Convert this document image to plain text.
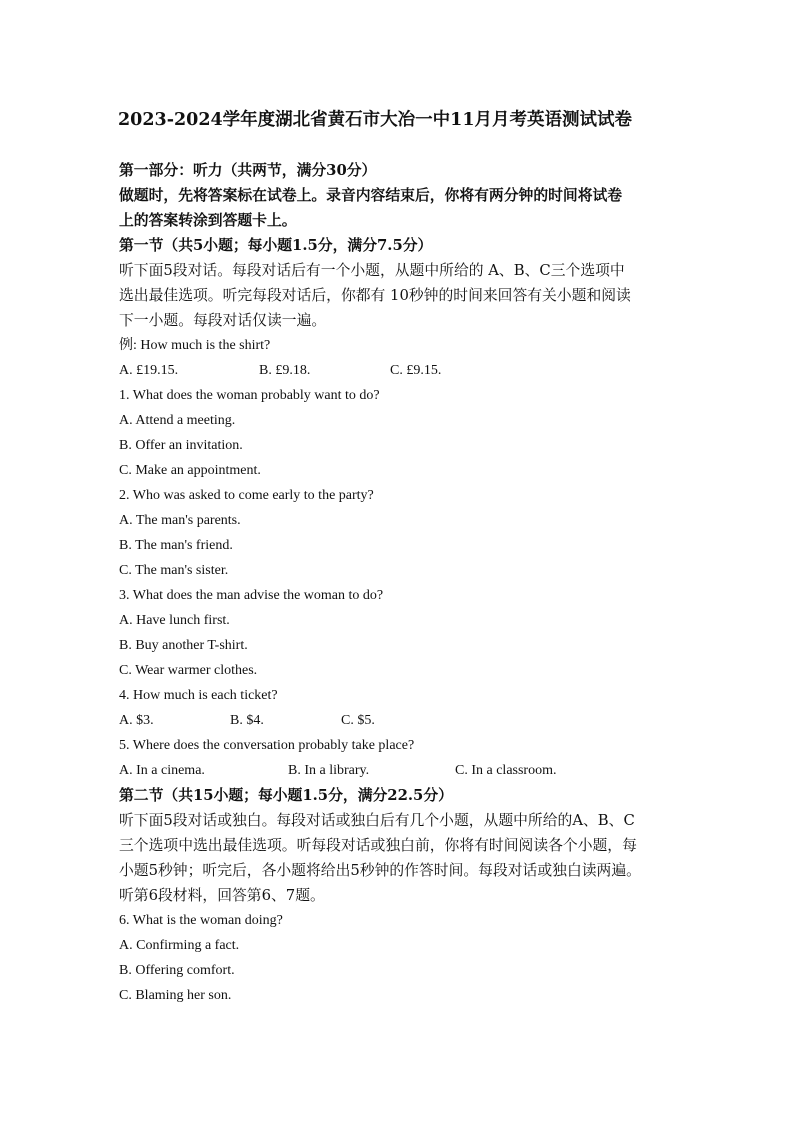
2023-2024学年度湖北省黄石市大冶一中11月月考英语测试试卷
第一部分：听力（共两节，满分30分）
做题时，先将答案标在试卷上。录音内容结束后，你将有两分钟的时间将试卷
上的答案转涂到答题卡上。
第一节（共5小题；每小题1.5分，满分7.5分）
听下面5段对话。每段对话后有一个小题，从题中所给的 A、B、C三个选项中
选出最佳选项。听完每段对话后，你都有 10秒钟的时间来回答有关小题和阅读
下一小题。每段对话仅读一遍。
例: How much is the shirt?
A. £19.15.	B. £9.18.	C. £9.15.
1. What does the woman probably want to do?
A. Attend a meeting.
B. Offer an invitation.
C. Make an appointment.
2. Who was asked to come early to the party?
A. The man's parents.
B. The man's friend.
C. The man's sister.
3. What does the man advise the woman to do?
A. Have lunch first.
B. Buy another T-shirt.
C. Wear warmer clothes.
4. How much is each ticket?
A. $3.	B. $4.	C. $5.
5. Where does the conversation probably take place?
A. In a cinema.	B. In a library.	C. In a classroom.
第二节（共15小题；每小题1.5分，满分22.5分）
听下面5段对话或独白。每段对话或独白后有几个小题，从题中所给的A、B、C
三个选项中选出最佳选项。听每段对话或独白前，你将有时间阅读各个小题，每
小题5秒钟；听完后，各小题将给出5秒钟的作答时间。每段对话或独白读两遍。
听第6段材料，回答第6、7题。
6. What is the woman doing?
A. Confirming a fact.
B. Offering comfort.
C. Blaming her son.
